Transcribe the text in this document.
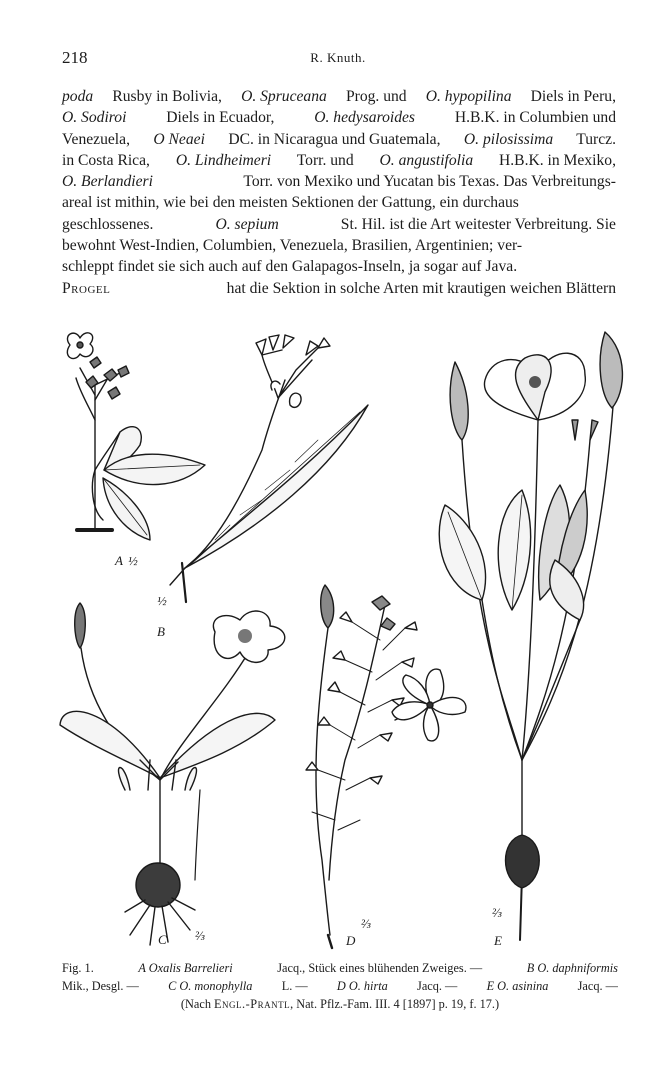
218	R. Knuth.
poda Rusby in Bolivia, O. Spruceana Prog. und O. hypopilina Diels in Peru,
O. Sodiroi Diels in Ecuador, O. hedysaroides H.B.K. in Columbien und
Venezuela, O Neaei DC. in Nicaragua und Guatemala, O. pilosissima Turcz.
in Costa Rica, O. Lindheimeri Torr. und O. angustifolia H.B.K. in Mexiko,
O. Berlandieri	Torr. von Mexiko und Yucatan bis Texas. Das Verbreitungs-
areal ist mithin, wie bei den meisten Sektionen der Gattung, ein durchaus
geschlossenes.	O. sepium	St. Hil. ist die Art weitester Verbreitung. Sie
bewohnt West-Indien, Columbien, Venezuela, Brasilien, Argentinien; ver-
schleppt findet sie sich auch auf den Galapagos-Inseln, ja sogar auf Java.
Progel	hat die Sektion in solche Arten mit krautigen weichen Blättern
A ½
½
B
C ⅔
⅔
D
⅔
E
Fig. 1.	A Oxalis Barrelieri	Jacq., Stück eines blühenden Zweiges. —	B O. daphniformis
Mik., Desgl. — C O. monophylla L. — D O. hirta Jacq. — E O. asinina Jacq. —
(Nach Engl.-Prantl, Nat. Pflz.-Fam. III. 4 [1897] p. 19, f. 17.)
